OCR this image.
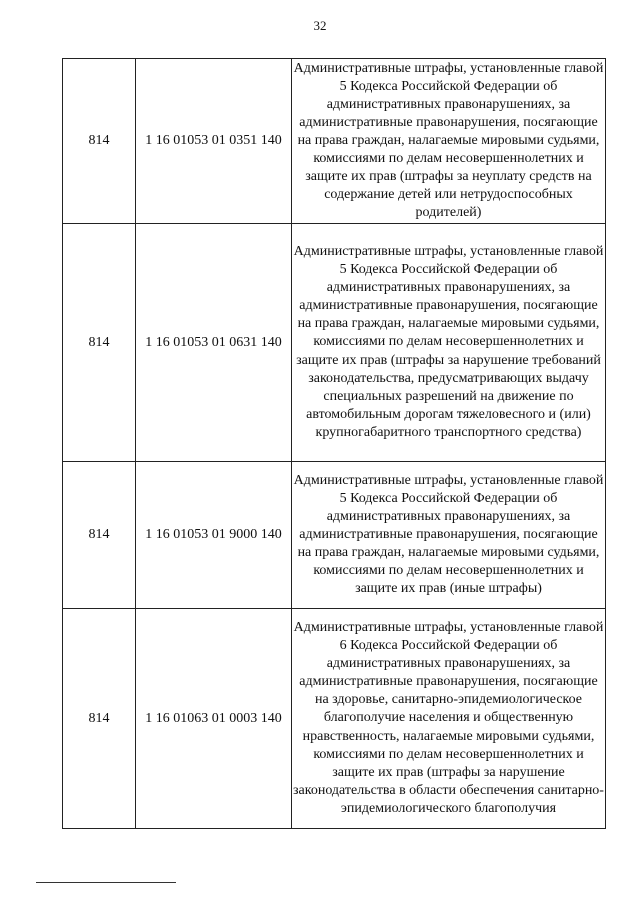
32
814	1 16 01053 01 0351 140	Административные штрафы, установленные главой 5 Кодекса Российской Федерации об административных правонарушениях, за административные правонарушения, посягающие на права граждан, налагаемые мировыми судьями, комиссиями по делам несовершеннолетних и защите их прав (штрафы за неуплату средств на содержание детей или нетрудоспособных родителей)
814	1 16 01053 01 0631 140	Административные штрафы, установленные главой 5 Кодекса Российской Федерации об административных правонарушениях, за административные правонарушения, посягающие на права граждан, налагаемые мировыми судьями, комиссиями по делам несовершеннолетних и защите их прав (штрафы за нарушение требований законодательства, предусматривающих выдачу специальных разрешений на движение по автомобильным дорогам тяжеловесного и (или) крупногабаритного транспортного средства)
814	1 16 01053 01 9000 140	Административные штрафы, установленные главой 5 Кодекса Российской Федерации об административных правонарушениях, за административные правонарушения, посягающие на права граждан, налагаемые мировыми судьями, комиссиями по делам несовершеннолетних и защите их прав (иные штрафы)
814	1 16 01063 01 0003 140	Административные штрафы, установленные главой 6 Кодекса Российской Федерации об административных правонарушениях, за административные правонарушения, посягающие на здоровье, санитарно-эпидемиологическое благополучие населения и общественную нравственность, налагаемые мировыми судьями, комиссиями по делам несовершеннолетних и защите их прав (штрафы за нарушение законодательства в области обеспечения санитарно-эпидемиологического благополучия
